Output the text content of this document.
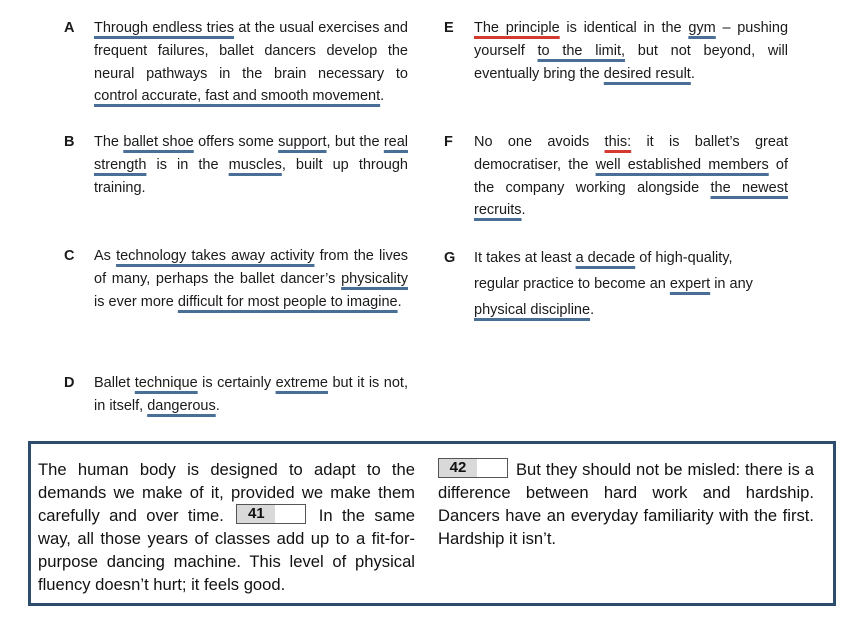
A Through endless tries at the usual exercises and frequent failures, ballet dancers develop the neural pathways in the brain necessary to control accurate, fast and smooth movement.
B The ballet shoe offers some support, but the real strength is in the muscles, built up through training.
C As technology takes away activity from the lives of many, perhaps the ballet dancer’s physicality is ever more difficult for most people to imagine.
D Ballet technique is certainly extreme but it is not, in itself, dangerous.
E The principle is identical in the gym – pushing yourself to the limit, but not beyond, will eventually bring the desired result.
F No one avoids this: it is ballet’s great democratiser, the well established members of the company working alongside the newest recruits.
G It takes at least a decade of high-quality, regular practice to become an expert in any physical discipline.
The human body is designed to adapt to the demands we make of it, provided we make them carefully and over time.	41	In the same way, all those years of classes add up to a fit-for-purpose dancing machine. This level of physical fluency doesn’t hurt; it feels good.
42	But they should not be misled: there is a difference between hard work and hardship. Dancers have an everyday familiarity with the first. Hardship it isn’t.
